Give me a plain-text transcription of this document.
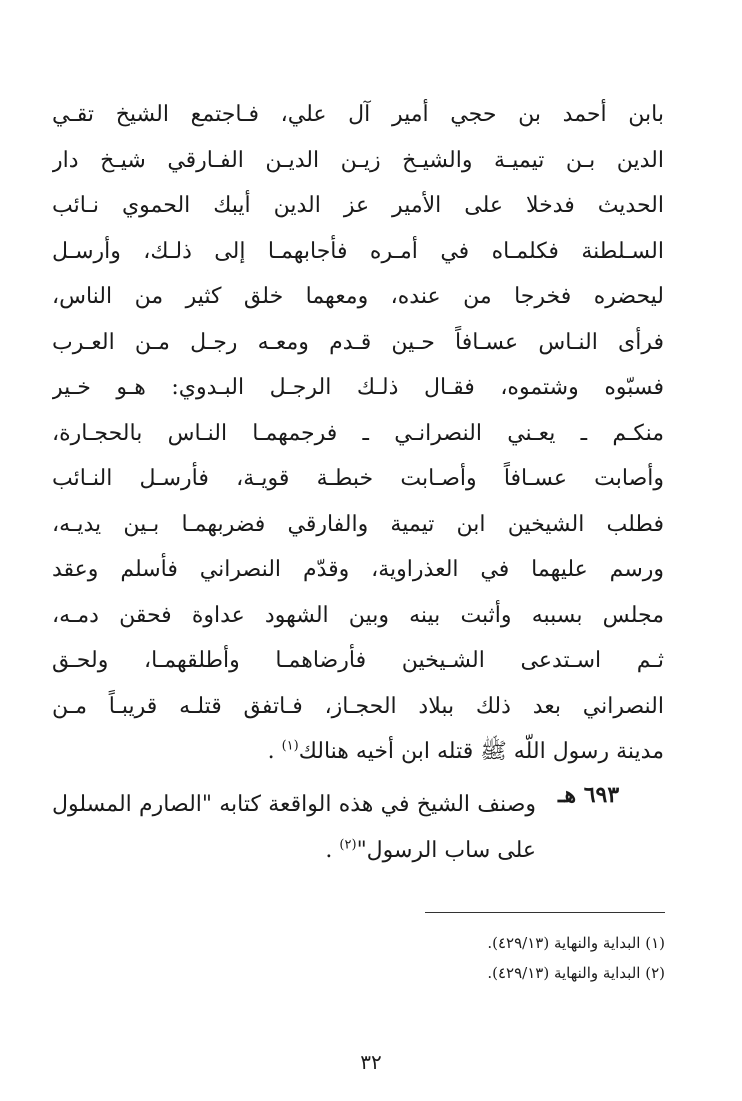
بابن أحمد بن حجي أمير آل علي، فـاجتمع الشيخ تقـي
الدين بـن تيميـة والشيـخ زيـن الديـن الفـارقي شيـخ دار
الحديث فدخلا على الأمير عز الدين أيبك الحموي نـائب
السـلطنة فكلمـاه في أمـره فأجابهمـا إلى ذلـك، وأرسـل
ليحضره فخرجا من عنده، ومعهما خلق كثير من الناس،
فرأى النـاس عسـافاً حـين قـدم ومعـه رجـل مـن العـرب
فسبّوه وشتموه، فقـال ذلـك الرجـل البـدوي: هـو خـير
منكـم ـ يعـني النصرانـي ـ فرجمهمـا النـاس بالحجـارة،
وأصابت عسـافاً وأصـابت خبطـة قويـة، فأرسـل النـائب
فطلب الشيخين ابن تيمية والفارقي فضربهمـا بـين يديـه،
ورسم عليهما في العذراوية، وقدّم النصراني فأسلم وعقد
مجلس بسببه وأثبت بينه وبين الشهود عداوة فحقن دمـه،
ثـم اسـتدعى الشـيخين فأرضاهمـا وأطلقهمـا، ولحـق
النصراني بعد ذلك ببلاد الحجـاز، فـاتفق قتلـه قريبـاً مـن
مدينة رسول اللّه ﷺ قتله ابن أخيه هنالك$^{(١)}$ .
٦٩٣ هـ
وصنف الشيخ في هذه الواقعة كتابه "الصارم المسلول
على ساب الرسول"$^{(٢)}$ .
(١) البداية والنهاية (٤٢٩/١٣).
(٢) البداية والنهاية (٤٢٩/١٣).
٣٢
